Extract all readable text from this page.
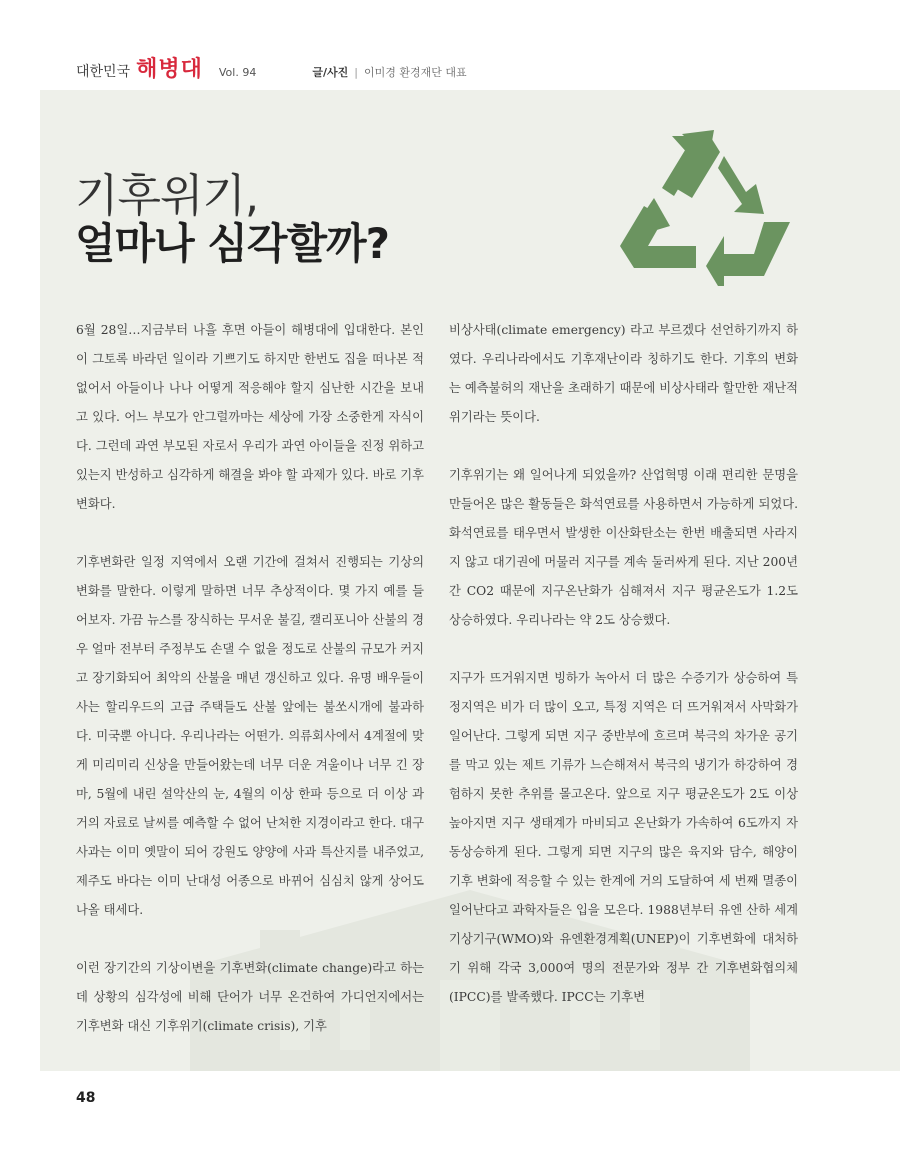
대한민국 해병대 Vol. 94	글/사진 | 이미경 환경재단 대표
기후위기,
얼마나 심각할까?

6월 28일…지금부터 나흘 후면 아들이 해병대에 입대한다. 본인이 그토록 바라던 일이라 기쁘기도 하지만 한번도 집을 떠나본 적 없어서 아들이나 나나 어떻게 적응해야 할지 심난한 시간을 보내고 있다. 어느 부모가 안그럴까마는 세상에 가장 소중한게 자식이다. 그런데 과연 부모된 자로서 우리가 과연 아이들을 진정 위하고 있는지 반성하고 심각하게 해결을 봐야 할 과제가 있다. 바로 기후변화다.

기후변화란 일정 지역에서 오랜 기간에 걸쳐서 진행되는 기상의 변화를 말한다. 이렇게 말하면 너무 추상적이다. 몇 가지 예를 들어보자. 가끔 뉴스를 장식하는 무서운 불길, 캘리포니아 산불의 경우 얼마 전부터 주정부도 손댈 수 없을 정도로 산불의 규모가 커지고 장기화되어 최악의 산불을 매년 갱신하고 있다. 유명 배우들이 사는 할리우드의 고급 주택들도 산불 앞에는 불쏘시개에 불과하다. 미국뿐 아니다. 우리나라는 어떤가. 의류회사에서 4계절에 맞게 미리미리 신상을 만들어왔는데 너무 더운 겨울이나 너무 긴 장마, 5월에 내린 설악산의 눈, 4월의 이상 한파 등으로 더 이상 과거의 자료로 날씨를 예측할 수 없어 난처한 지경이라고 한다. 대구 사과는 이미 옛말이 되어 강원도 양양에 사과 특산지를 내주었고, 제주도 바다는 이미 난대성 어종으로 바뀌어 심심치 않게 상어도 나올 태세다.

이런 장기간의 기상이변을 기후변화(climate change)라고 하는데 상황의 심각성에 비해 단어가 너무 온건하여 가디언지에서는 기후변화 대신 기후위기(climate crisis), 기후

비상사태(climate emergency) 라고 부르겠다 선언하기까지 하였다. 우리나라에서도 기후재난이라 칭하기도 한다. 기후의 변화는 예측불허의 재난을 초래하기 때문에 비상사태라 할만한 재난적 위기라는 뜻이다.

기후위기는 왜 일어나게 되었을까? 산업혁명 이래 편리한 문명을 만들어온 많은 활동들은 화석연료를 사용하면서 가능하게 되었다. 화석연료를 태우면서 발생한 이산화탄소는 한번 배출되면 사라지지 않고 대기권에 머물러 지구를 계속 둘러싸게 된다. 지난 200년간 CO2 때문에 지구온난화가 심해져서 지구 평균온도가 1.2도 상승하였다. 우리나라는 약 2도 상승했다.

지구가 뜨거워지면 빙하가 녹아서 더 많은 수증기가 상승하여 특정지역은 비가 더 많이 오고, 특정 지역은 더 뜨거워져서 사막화가 일어난다. 그렇게 되면 지구 중반부에 흐르며 북극의 차가운 공기를 막고 있는 제트 기류가 느슨해져서 북극의 냉기가 하강하여 경험하지 못한 추위를 몰고온다. 앞으로 지구 평균온도가 2도 이상 높아지면 지구 생태계가 마비되고 온난화가 가속하여 6도까지 자동상승하게 된다. 그렇게 되면 지구의 많은 육지와 담수, 해양이 기후 변화에 적응할 수 있는 한계에 거의 도달하여 세 번째 멸종이 일어난다고 과학자들은 입을 모은다. 1988년부터 유엔 산하 세계기상기구(WMO)와 유엔환경계획(UNEP)이 기후변화에 대처하기 위해 각국 3,000여 명의 전문가와 정부 간 기후변화협의체(IPCC)를 발족했다. IPCC는 기후변

48
